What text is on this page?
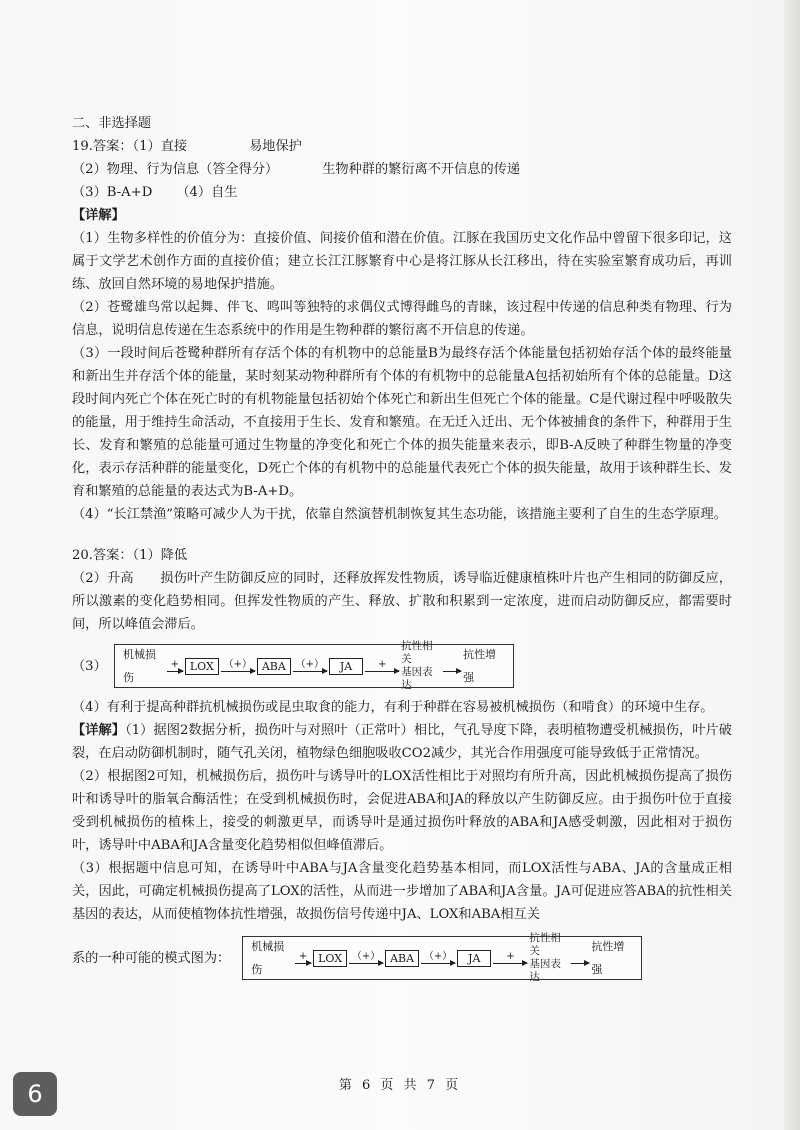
二、非选择题
19.答案：（1）直接	易地保护
（2）物理、行为信息（答全得分）	生物种群的繁衍离不开信息的传递
（3）B-A+D （4）自生
【详解】
（1）生物多样性的价值分为：直接价值、间接价值和潜在价值。江豚在我国历史文化作品中曾留下很多印记，这属于文学艺术创作方面的直接价值；建立长江江豚繁育中心是将江豚从长江移出，待在实验室繁育成功后，再训练、放回自然环境的易地保护措施。
（2）苍鹭雄鸟常以起舞、伴飞、鸣叫等独特的求偶仪式博得雌鸟的青睐，该过程中传递的信息种类有物理、行为信息，说明信息传递在生态系统中的作用是生物种群的繁衍离不开信息的传递。
（3）一段时间后苍鹭种群所有存活个体的有机物中的总能量B为最终存活个体能量包括初始存活个体的最终能量和新出生并存活个体的能量，某时刻某动物种群所有个体的有机物中的总能量A包括初始所有个体的总能量。D这段时间内死亡个体在死亡时的有机物能量包括初始个体死亡和新出生但死亡个体的能量。C是代谢过程中呼吸散失的能量，用于维持生命活动，不直接用于生长、发育和繁殖。在无迁入迁出、无个体被捕食的条件下，种群用于生长、发育和繁殖的总能量可通过生物量的净变化和死亡个体的损失能量来表示，即B-A反映了种群生物量的净变化，表示存活种群的能量变化，D死亡个体的有机物中的总能量代表死亡个体的损失能量，故用于该种群生长、发育和繁殖的总能量的表达式为B-A+D。
（4）“长江禁渔”策略可减少人为干扰，依靠自然演替机制恢复其生态功能，该措施主要利了自生的生态学原理。
20.答案：（1）降低
（2）升高　　损伤叶产生防御反应的同时，还释放挥发性物质，诱导临近健康植株叶片也产生相同的防御反应，所以激素的变化趋势相同。但挥发性物质的产生、释放、扩散和积累到一定浓度，进而启动防御反应，都需要时间，所以峰值会滞后。
（3）
机械损伤
+ LOX （+） ABA （+）	JA	+
抗性相关
基因表达
抗性增强
（4）有利于提高种群抗机械损伤或昆虫取食的能力，有利于种群在容易被机械损伤（和啃食）的环境中生存。
【详解】（1）据图2数据分析，损伤叶与对照叶（正常叶）相比，气孔导度下降，表明植物遭受机械损伤，叶片破裂，在启动防御机制时，随气孔关闭，植物绿色细胞吸收CO2减少，其光合作用强度可能导致低于正常情况。
（2）根据图2可知，机械损伤后，损伤叶与诱导叶的LOX活性相比于对照均有所升高，因此机械损伤提高了损伤叶和诱导叶的脂氧合酶活性；在受到机械损伤时，会促进ABA和JA的释放以产生防御反应。由于损伤叶位于直接受到机械损伤的植株上，接受的刺激更早，而诱导叶是通过损伤叶释放的ABA和JA感受刺激，因此相对于损伤叶，诱导叶中ABA和JA含量变化趋势相似但峰值滞后。
（3）根据题中信息可知，在诱导叶中ABA与JA含量变化趋势基本相同，而LOX活性与ABA、JA的含量成正相关，因此，可确定机械损伤提高了LOX的活性，从而进一步增加了ABA和JA含量。JA可促进应答ABA的抗性相关基因的表达，从而使植物体抗性增强，故损伤信号传递中JA、LOX和ABA相互关
系的一种可能的模式图为：
机械损伤
+ LOX （+） ABA （+）	JA	+
抗性相关
基因表达
抗性增强
第 6 页 共 7 页
6
